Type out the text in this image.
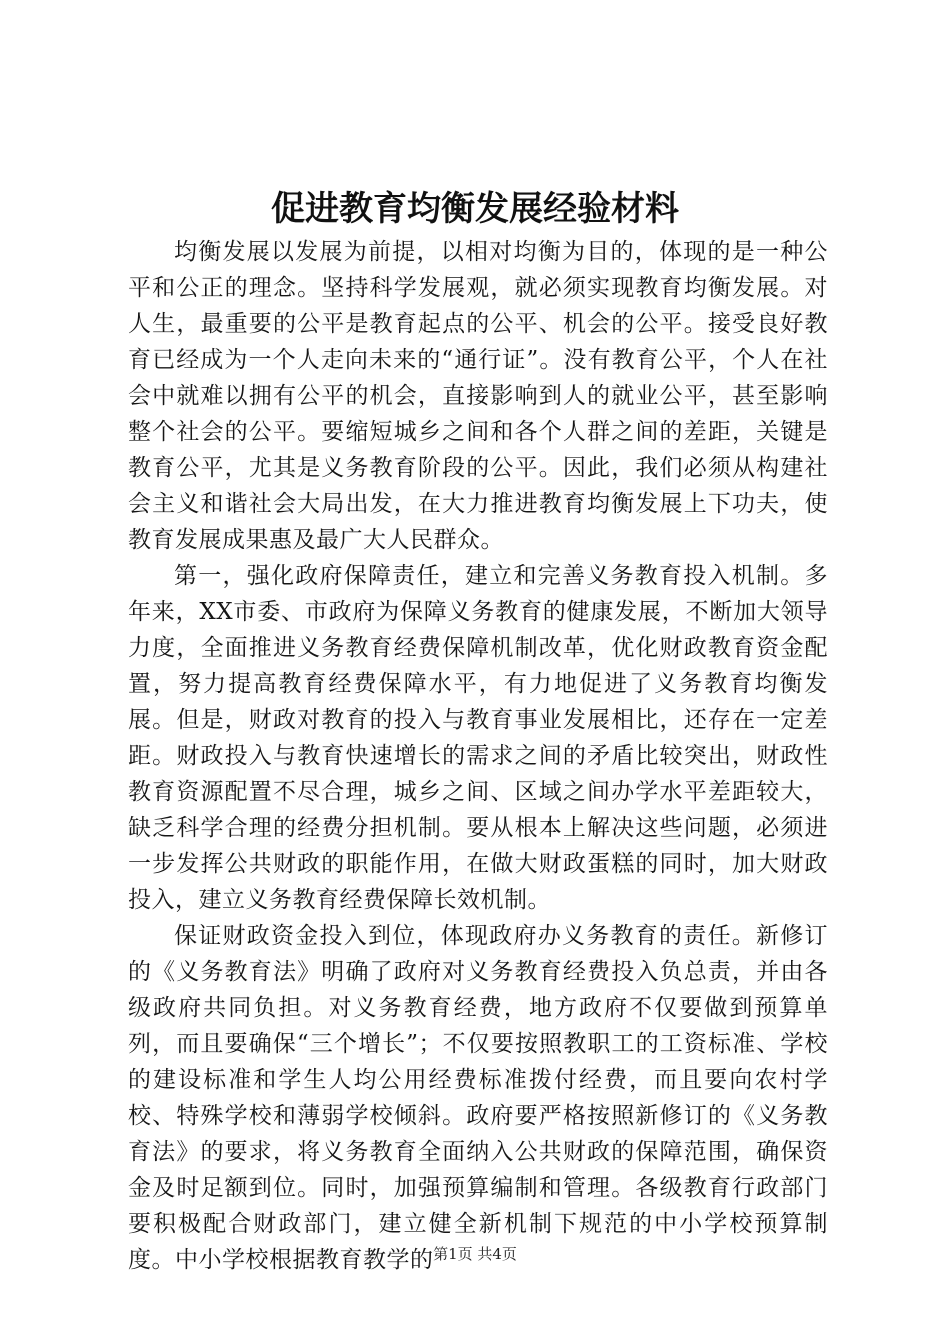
促进教育均衡发展经验材料

均衡发展以发展为前提，以相对均衡为目的，体现的是一种公平和公正的理念。坚持科学发展观，就必须实现教育均衡发展。对人生，最重要的公平是教育起点的公平、机会的公平。接受良好教育已经成为一个人走向未来的“通行证”。没有教育公平，个人在社会中就难以拥有公平的机会，直接影响到人的就业公平，甚至影响整个社会的公平。要缩短城乡之间和各个人群之间的差距，关键是教育公平，尤其是义务教育阶段的公平。因此，我们必须从构建社会主义和谐社会大局出发，在大力推进教育均衡发展上下功夫，使教育发展成果惠及最广大人民群众。

第一，强化政府保障责任，建立和完善义务教育投入机制。多年来，XX市委、市政府为保障义务教育的健康发展，不断加大领导力度，全面推进义务教育经费保障机制改革，优化财政教育资金配置，努力提高教育经费保障水平，有力地促进了义务教育均衡发展。但是，财政对教育的投入与教育事业发展相比，还存在一定差距。财政投入与教育快速增长的需求之间的矛盾比较突出，财政性教育资源配置不尽合理，城乡之间、区域之间办学水平差距较大，缺乏科学合理的经费分担机制。要从根本上解决这些问题，必须进一步发挥公共财政的职能作用，在做大财政蛋糕的同时，加大财政投入，建立义务教育经费保障长效机制。

保证财政资金投入到位，体现政府办义务教育的责任。新修订的《义务教育法》明确了政府对义务教育经费投入负总责，并由各级政府共同负担。对义务教育经费，地方政府不仅要做到预算单列，而且要确保“三个增长”；不仅要按照教职工的工资标准、学校的建设标准和学生人均公用经费标准拨付经费，而且要向农村学校、特殊学校和薄弱学校倾斜。政府要严格按照新修订的《义务教育法》的要求，将义务教育全面纳入公共财政的保障范围，确保资金及时足额到位。同时，加强预算编制和管理。各级教育行政部门要积极配合财政部门，建立健全新机制下规范的中小学校预算制度。中小学校根据教育教学的 第1页 共4页
